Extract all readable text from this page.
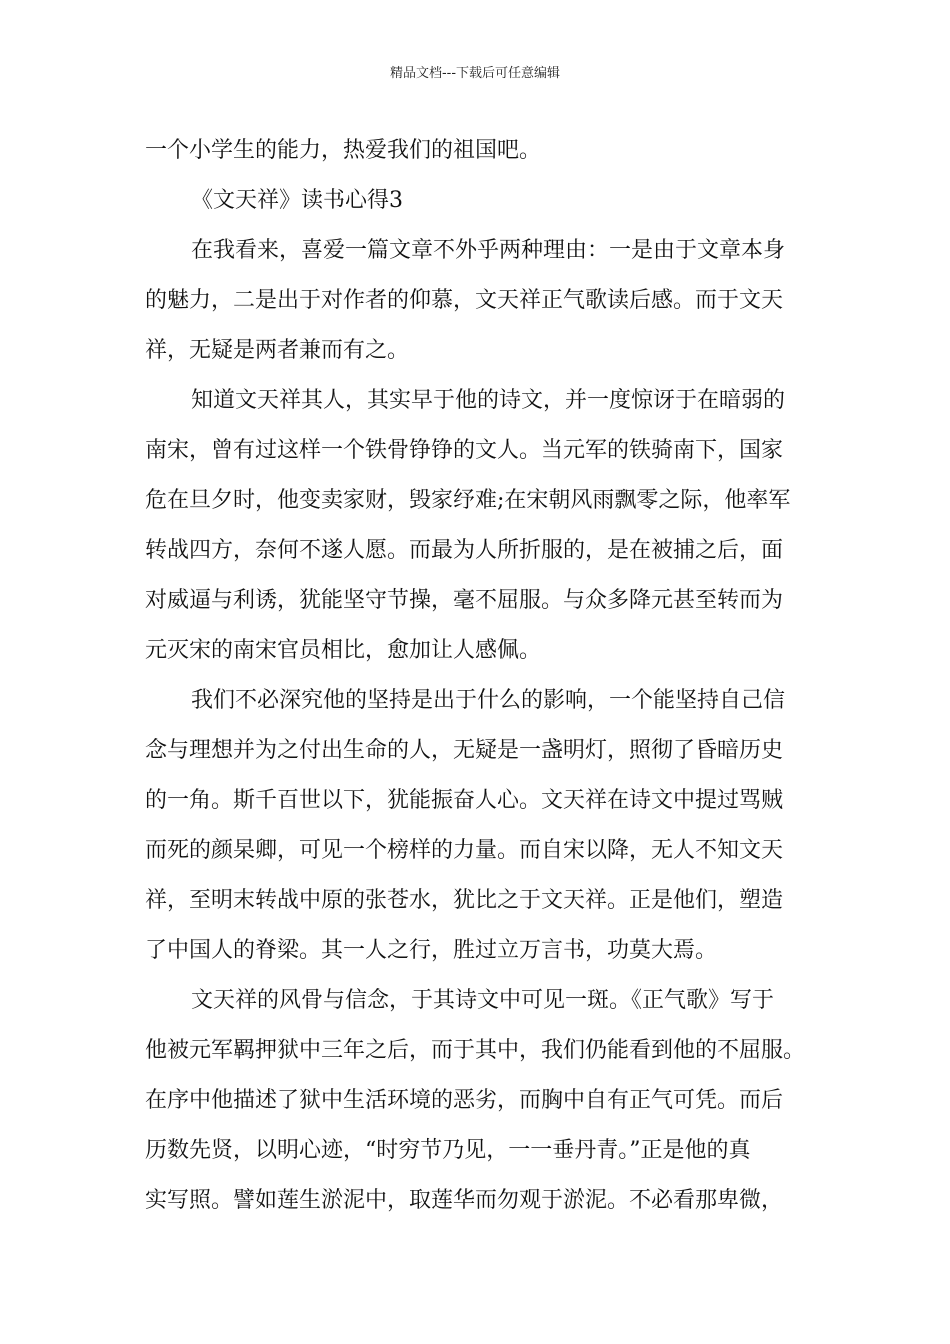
精品文档---下载后可任意编辑
一个小学生的能力，热爱我们的祖国吧。
《文天祥》读书心得3
在我看来，喜爱一篇文章不外乎两种理由：一是由于文章本身
的魅力，二是出于对作者的仰慕，文天祥正气歌读后感。而于文天
祥，无疑是两者兼而有之。
知道文天祥其人，其实早于他的诗文，并一度惊讶于在暗弱的
南宋，曾有过这样一个铁骨铮铮的文人。当元军的铁骑南下，国家
危在旦夕时，他变卖家财，毁家纾难;在宋朝风雨飘零之际，他率军
转战四方，奈何不遂人愿。而最为人所折服的，是在被捕之后，面
对威逼与利诱，犹能坚守节操，毫不屈服。与众多降元甚至转而为
元灭宋的南宋官员相比，愈加让人感佩。
我们不必深究他的坚持是出于什么的影响，一个能坚持自己信
念与理想并为之付出生命的人，无疑是一盏明灯，照彻了昏暗历史
的一角。斯千百世以下，犹能振奋人心。文天祥在诗文中提过骂贼
而死的颜杲卿，可见一个榜样的力量。而自宋以降，无人不知文天
祥，至明末转战中原的张苍水，犹比之于文天祥。正是他们，塑造
了中国人的脊梁。其一人之行，胜过立万言书，功莫大焉。
文天祥的风骨与信念，于其诗文中可见一斑。《正气歌》写于
他被元军羁押狱中三年之后，而于其中，我们仍能看到他的不屈服。
在序中他描述了狱中生活环境的恶劣，而胸中自有正气可凭。而后
历数先贤，以明心迹，“时穷节乃见，一一垂丹青。”正是他的真
实写照。譬如莲生淤泥中，取莲华而勿观于淤泥。不必看那卑微，
